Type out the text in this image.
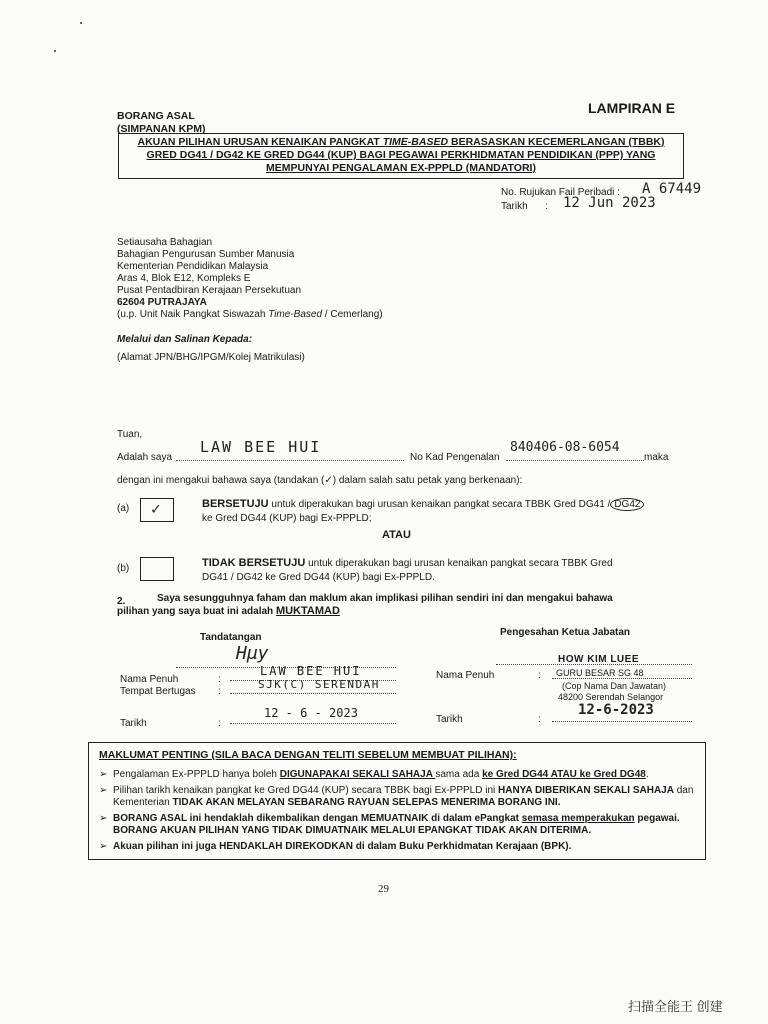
BORANG ASAL
(SIMPANAN KPM)
LAMPIRAN E
AKUAN PILIHAN URUSAN KENAIKAN PANGKAT TIME-BASED BERASASKAN KECEMERLANGAN (TBBK)
GRED DG41 / DG42 KE GRED DG44 (KUP) BAGI PEGAWAI PERKHIDMATAN PENDIDIKAN (PPP) YANG
MEMPUNYAI PENGALAMAN EX-PPPLD (MANDATORI)
No. Rujukan Fail Peribadi : A 67449
Tarikh : 12 Jun 2023
Setiausaha Bahagian
Bahagian Pengurusan Sumber Manusia
Kementerian Pendidikan Malaysia
Aras 4, Blok E12, Kompleks E
Pusat Pentadbiran Kerajaan Persekutuan
62604 PUTRAJAYA
(u.p. Unit Naik Pangkat Siswazah Time-Based / Cemerlang)
Melalui dan Salinan Kepada:
(Alamat JPN/BHG/IPGM/Kolej Matrikulasi)
Tuan,
Adalah saya
LAW BEE HUI
No Kad Pengenalan
840406-08-6054
maka
dengan ini mengakui bahawa saya (tandakan (✓) dalam salah satu petak yang berkenaan):
(a) ✓	BERSETUJU untuk diperakukan bagi urusan kenaikan pangkat secara TBBK Gred DG41 / DG42
ke Gred DG44 (KUP) bagi Ex-PPPLD;
ATAU
(b)	TIDAK BERSETUJU untuk diperakukan bagi urusan kenaikan pangkat secara TBBK Gred
DG41 / DG42 ke Gred DG44 (KUP) bagi Ex-PPPLD.
2.	Saya sesungguhnya faham dan maklum akan implikasi pilihan sendiri ini dan mengakui bahawa
pilihan yang saya buat ini adalah MUKTAMAD
Tandatangan
Hμy
Nama Penuh	:
LAW BEE HUI
Tempat Bertugas :
SJK(C) SERENDAH
Tarikh	:
12 - 6 - 2023
Pengesahan Ketua Jabatan
Nama Penuh	:
HOW KIM LUEE
GURU BESAR SG 48
(Cop Nama Dan Jawatan)
48200 Serendah Selangor
Tarikh	:
12-6-2023
MAKLUMAT PENTING (SILA BACA DENGAN TELITI SEBELUM MEMBUAT PILIHAN):
➢ Pengalaman Ex-PPPLD hanya boleh DIGUNAPAKAI SEKALI SAHAJA sama ada ke Gred DG44 ATAU ke Gred DG48.
➢ Pilihan tarikh kenaikan pangkat ke Gred DG44 (KUP) secara TBBK bagi Ex-PPPLD ini HANYA DIBERIKAN SEKALI SAHAJA dan Kementerian TIDAK AKAN MELAYAN SEBARANG RAYUAN SELEPAS MENERIMA BORANG INI.
➢ BORANG ASAL ini hendaklah dikembalikan dengan MEMUATNAIK di dalam ePangkat semasa memperakukan pegawai. BORANG AKUAN PILIHAN YANG TIDAK DIMUATNAIK MELALUI EPANGKAT TIDAK AKAN DITERIMA.
➢ Akuan pilihan ini juga HENDAKLAH DIREKODKAN di dalam Buku Perkhidmatan Kerajaan (BPK).
29
扫描全能王 创建
